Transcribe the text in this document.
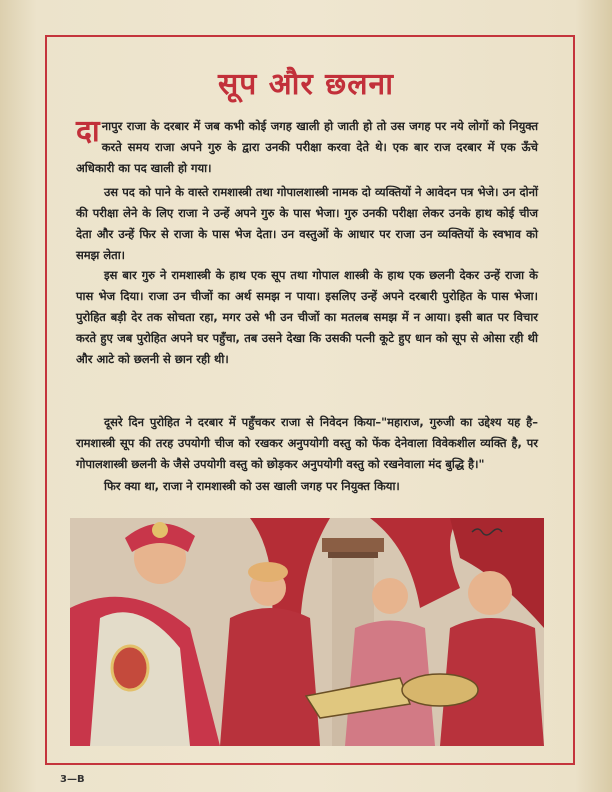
सूप और छलना

दानापुर राजा के दरबार में जब कभी कोई जगह खाली हो जाती हो तो उस जगह पर नये लोगों को नियुक्त करते समय राजा अपने गुरु के द्वारा उनकी परीक्षा करवा देते थे। एक बार राज दरबार में एक ऊँचे अधिकारी का पद खाली हो गया।

उस पद को पाने के वास्ते रामशास्त्री तथा गोपालशास्त्री नामक दो व्यक्तियों ने आवेदन पत्र भेजे। उन दोनों की परीक्षा लेने के लिए राजा ने उन्हें अपने गुरु के पास भेजा। गुरु उनकी परीक्षा लेकर उनके हाथ कोई चीज देता और उन्हें फिर से राजा के पास भेज देता। उन वस्तुओं के आधार पर राजा उन व्यक्तियों के स्वभाव को समझ लेता।

इस बार गुरु ने रामशास्त्री के हाथ एक सूप तथा गोपाल शास्त्री के हाथ एक छलनी देकर उन्हें राजा के पास भेज दिया। राजा उन चीजों का अर्थ समझ न पाया। इसलिए उन्हें अपने दरबारी पुरोहित के पास भेजा। पुरोहित बड़ी देर तक सोचता रहा, मगर उसे भी उन चीजों का मतलब समझ में न आया। इसी बात पर विचार करते हुए जब पुरोहित अपने घर पहुँचा, तब उसने देखा कि उसकी पत्नी कूटे हुए धान को सूप से ओसा रही थी और आटे को छलनी से छान रही थी।

दूसरे दिन पुरोहित ने दरबार में पहुँचकर राजा से निवेदन किया–"महाराज, गुरुजी का उद्देश्य यह है–रामशास्त्री सूप की तरह उपयोगी चीज को रखकर अनुपयोगी वस्तु को फेंक देनेवाला विवेकशील व्यक्ति है, पर गोपालशास्त्री छलनी के जैसे उपयोगी वस्तु को छोड़कर अनुपयोगी वस्तु को रखनेवाला मंद बुद्धि है।"

फिर क्या था, राजा ने रामशास्त्री को उस खाली जगह पर नियुक्त किया।

3—B
